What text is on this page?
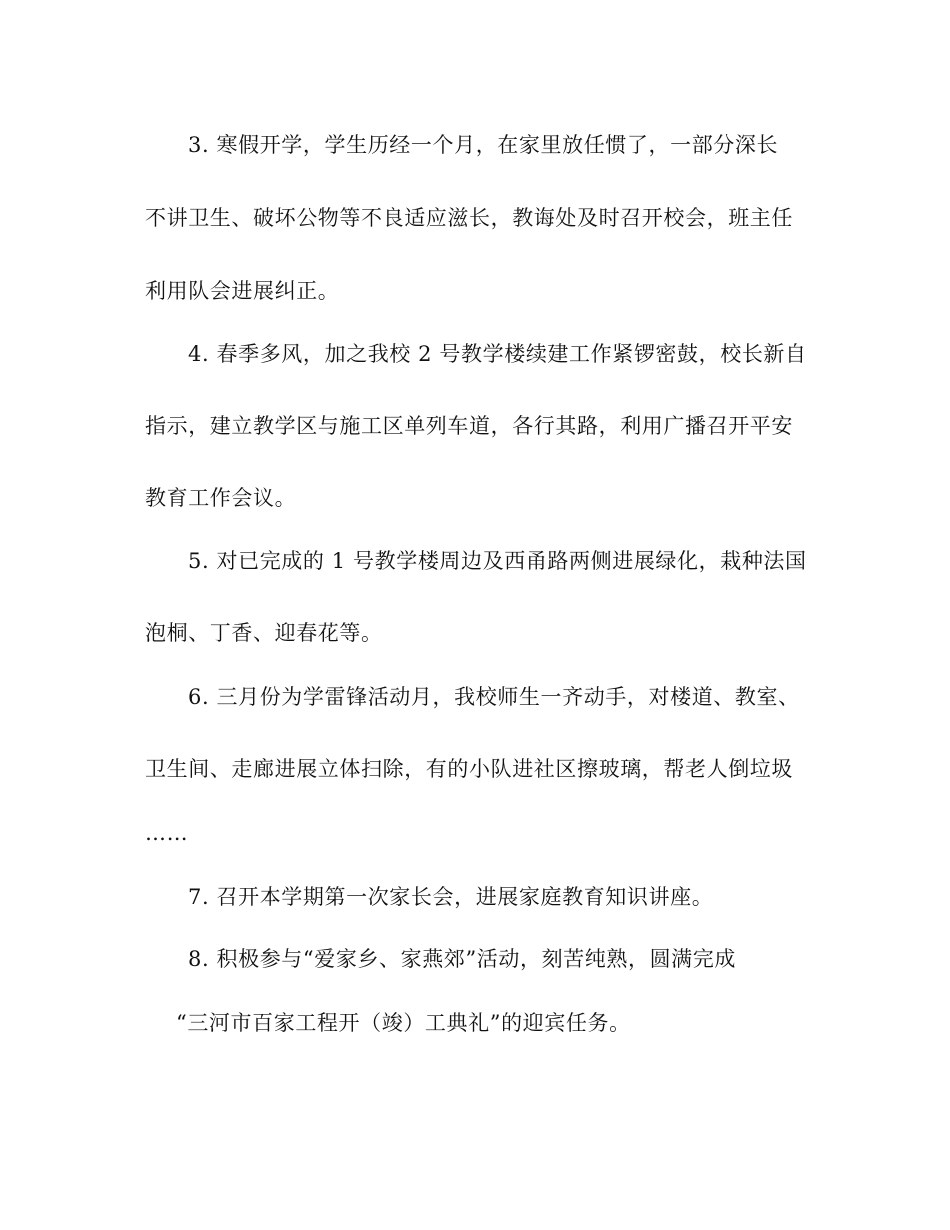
3. 寒假开学，学生历经一个月，在家里放任惯了，一部分深长
不讲卫生、破坏公物等不良适应滋长，教诲处及时召开校会，班主任
利用队会进展纠正。
4. 春季多风，加之我校 2 号教学楼续建工作紧锣密鼓，校长新自
指示，建立教学区与施工区单列车道，各行其路，利用广播召开平安
教育工作会议。
5. 对已完成的 1 号教学楼周边及西甬路两侧进展绿化，栽种法国
泡桐、丁香、迎春花等。
6. 三月份为学雷锋活动月，我校师生一齐动手，对楼道、教室、
卫生间、走廊进展立体扫除，有的小队进社区擦玻璃，帮老人倒垃圾
……
7. 召开本学期第一次家长会，进展家庭教育知识讲座。
8. 积极参与“爱家乡、家燕郊”活动，刻苦纯熟，圆满完成
“三河市百家工程开（竣）工典礼”的迎宾任务。
